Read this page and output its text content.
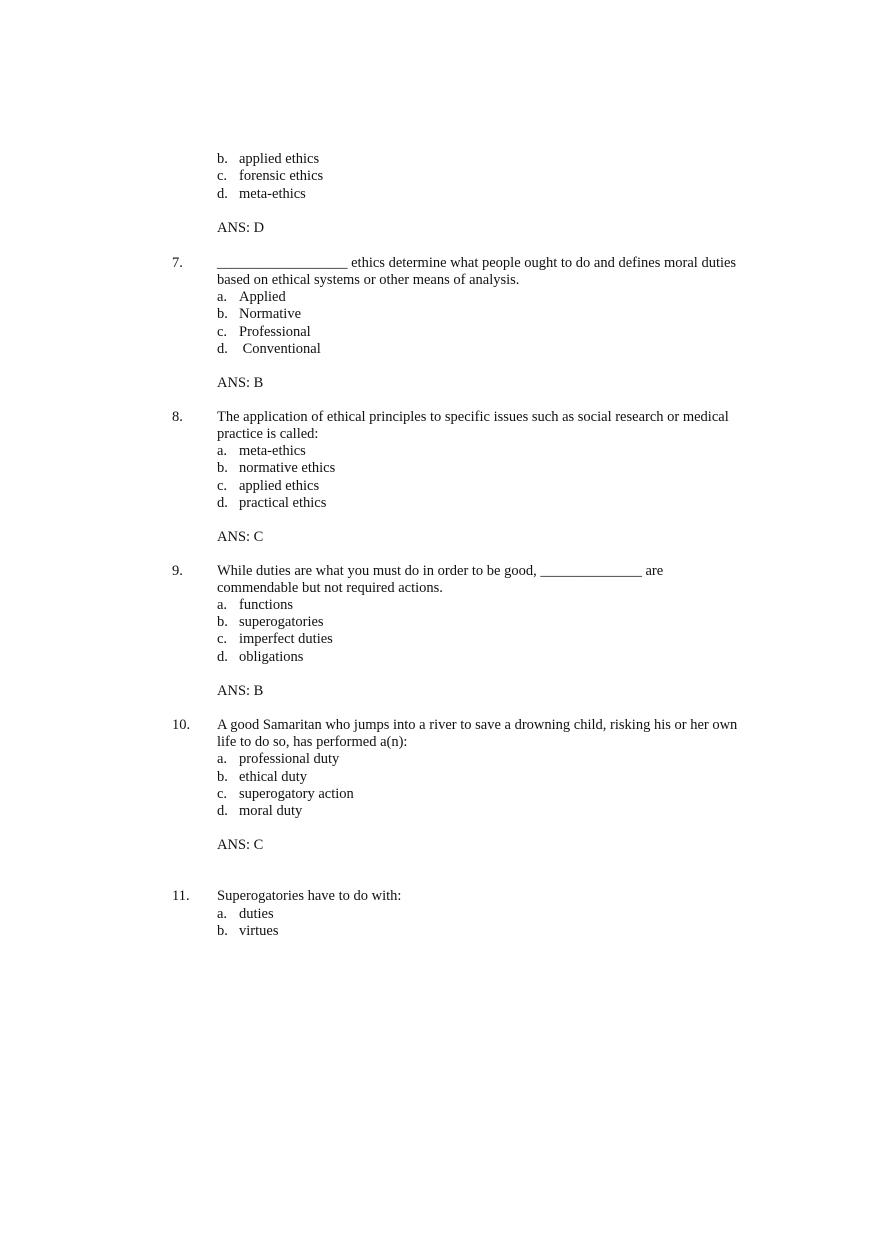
b. applied ethics
c. forensic ethics
d. meta-ethics
ANS: D
7. __________________ ethics determine what people ought to do and defines moral duties
based on ethical systems or other means of analysis.
a. Applied
b. Normative
c. Professional
d. Conventional
ANS: B
8. The application of ethical principles to specific issues such as social research or medical
practice is called:
a. meta-ethics
b. normative ethics
c. applied ethics
d. practical ethics
ANS: C
9. While duties are what you must do in order to be good, ______________ are
commendable but not required actions.
a. functions
b. superogatories
c. imperfect duties
d. obligations
ANS: B
10. A good Samaritan who jumps into a river to save a drowning child, risking his or her own
life to do so, has performed a(n):
a. professional duty
b. ethical duty
c. superogatory action
d. moral duty
ANS: C
11. Superogatories have to do with:
a. duties
b. virtues
